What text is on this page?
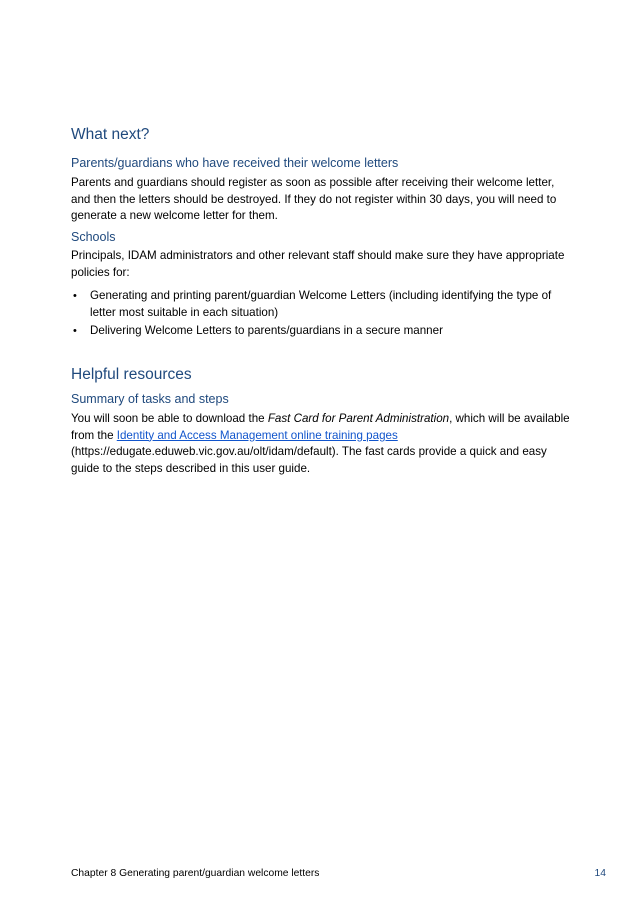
What next?
Parents/guardians who have received their welcome letters
Parents and guardians should register as soon as possible after receiving their welcome letter,
and then the letters should be destroyed. If they do not register within 30 days, you will need to
generate a new welcome letter for them.
Schools
Principals, IDAM administrators and other relevant staff should make sure they have appropriate
policies for:
• Generating and printing parent/guardian Welcome Letters (including identifying the type of
letter most suitable in each situation)
• Delivering Welcome Letters to parents/guardians in a secure manner
Helpful resources
Summary of tasks and steps
You will soon be able to download the Fast Card for Parent Administration, which will be available
from the Identity and Access Management online training pages
(https://edugate.eduweb.vic.gov.au/olt/idam/default). The fast cards provide a quick and easy
guide to the steps described in this user guide.
Chapter 8 Generating parent/guardian welcome letters	14
